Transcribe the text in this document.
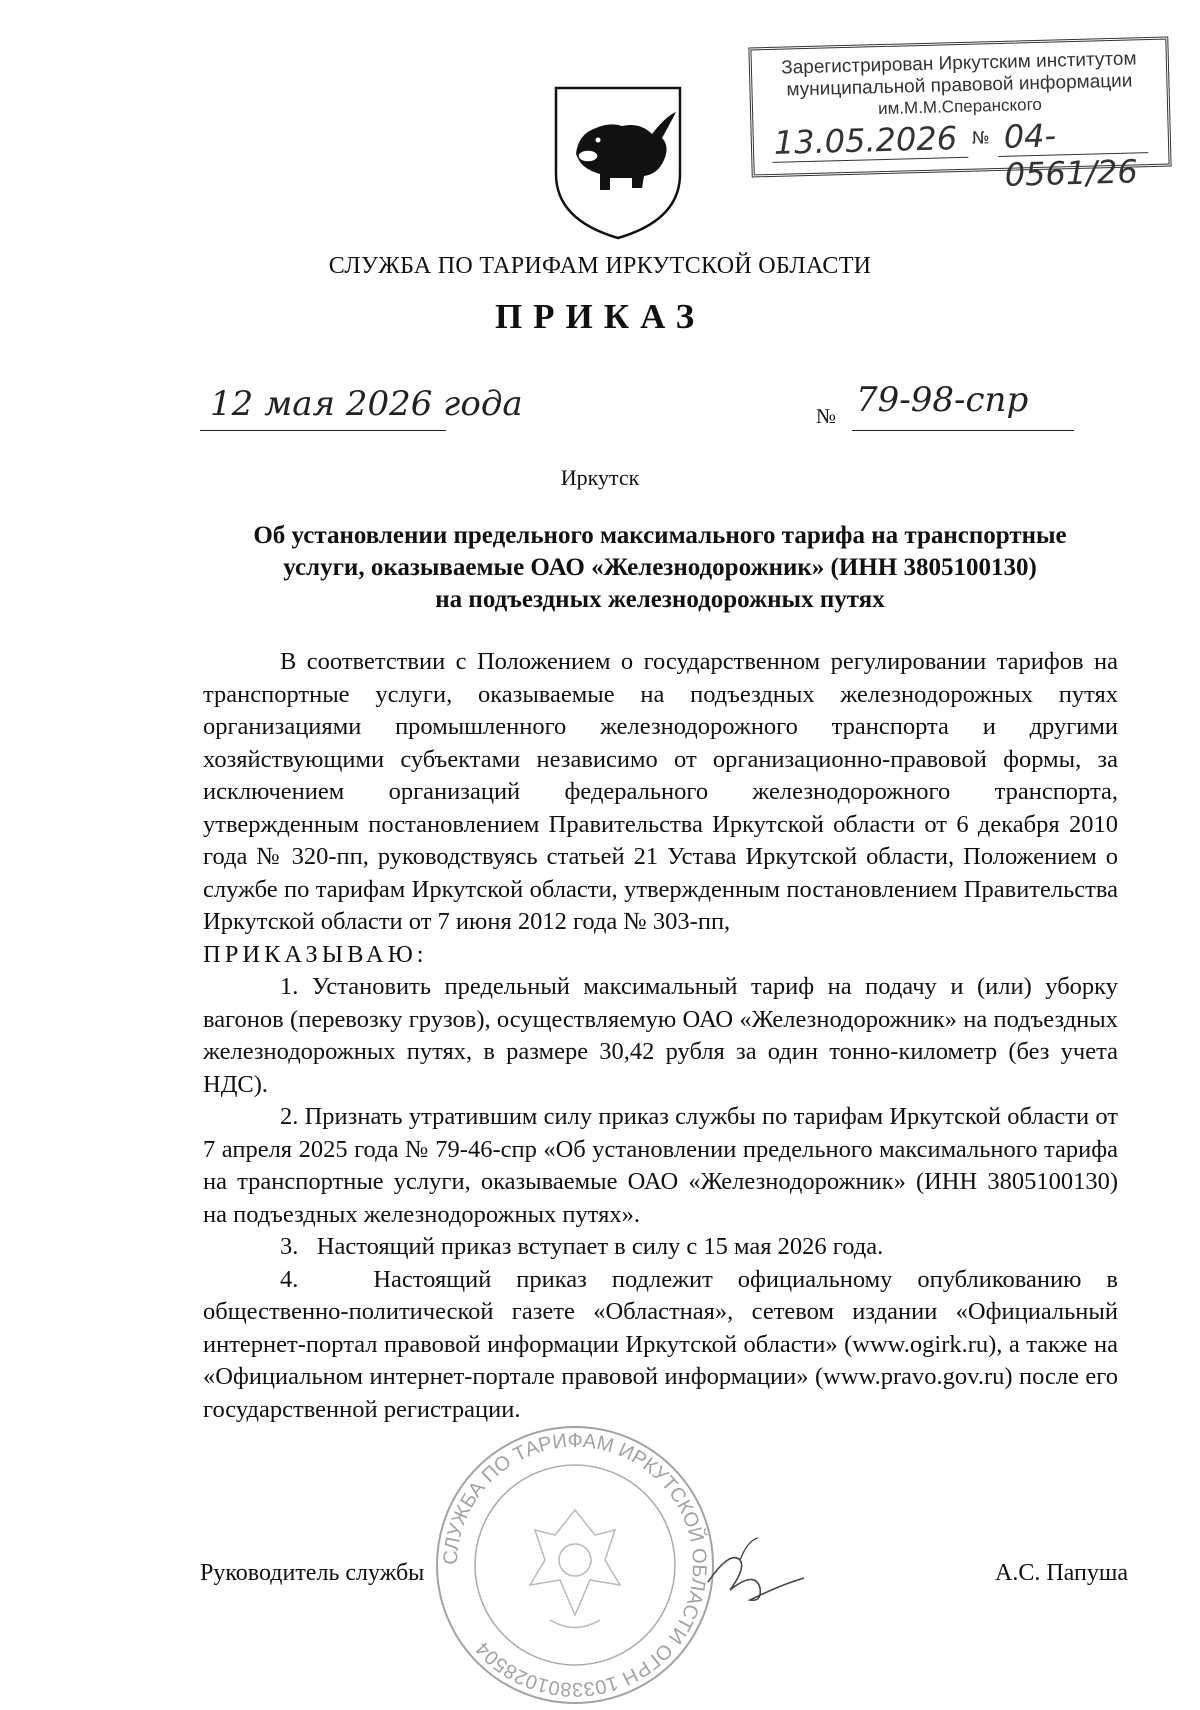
Зарегистрирован Иркутским институтом
муниципальной правовой информации
им.М.М.Сперанского
13.05.2026 № 04-0561/26
СЛУЖБА ПО ТАРИФАМ ИРКУТСКОЙ ОБЛАСТИ
ПРИКАЗ
12 мая 2026 года	№ 79-98-спр
Иркутск
Об установлении предельного максимального тарифа на транспортные
услуги, оказываемые ОАО «Железнодорожник» (ИНН 3805100130)
на подъездных железнодорожных путях

В соответствии с Положением о государственном регулировании тарифов на транспортные услуги, оказываемые на подъездных железнодорожных путях организациями промышленного железнодорожного транспорта и другими хозяйствующими субъектами независимо от организационно-правовой формы, за исключением организаций федерального железнодорожного транспорта, утвержденным постановлением Правительства Иркутской области от 6 декабря 2010 года № 320-пп, руководствуясь статьей 21 Устава Иркутской области, Положением о службе по тарифам Иркутской области, утвержденным постановлением Правительства Иркутской области от 7 июня 2012 года № 303-пп,

ПРИКАЗЫВАЮ:

1. Установить предельный максимальный тариф на подачу и (или) уборку вагонов (перевозку грузов), осуществляемую ОАО «Железнодорожник» на подъездных железнодорожных путях, в размере 30,42 рубля за один тонно-километр (без учета НДС).

2. Признать утратившим силу приказ службы по тарифам Иркутской области от 7 апреля 2025 года № 79-46-спр «Об установлении предельного максимального тарифа на транспортные услуги, оказываемые ОАО «Железнодорожник» (ИНН 3805100130) на подъездных железнодорожных путях».

3.   Настоящий приказ вступает в силу с 15 мая 2026 года.

4.   Настоящий приказ подлежит официальному опубликованию в общественно-политической газете «Областная», сетевом издании «Официальный интернет-портал правовой информации Иркутской области» (www.ogirk.ru), а также на «Официальном интернет-портале правовой информации» (www.pravo.gov.ru) после его государственной регистрации.

СЛУЖБА ПО ТАРИФАМ ИРКУТСКОЙ ОБЛАСТИ ОГРН 1033801028504
Руководитель службы	А.С. Папуша
